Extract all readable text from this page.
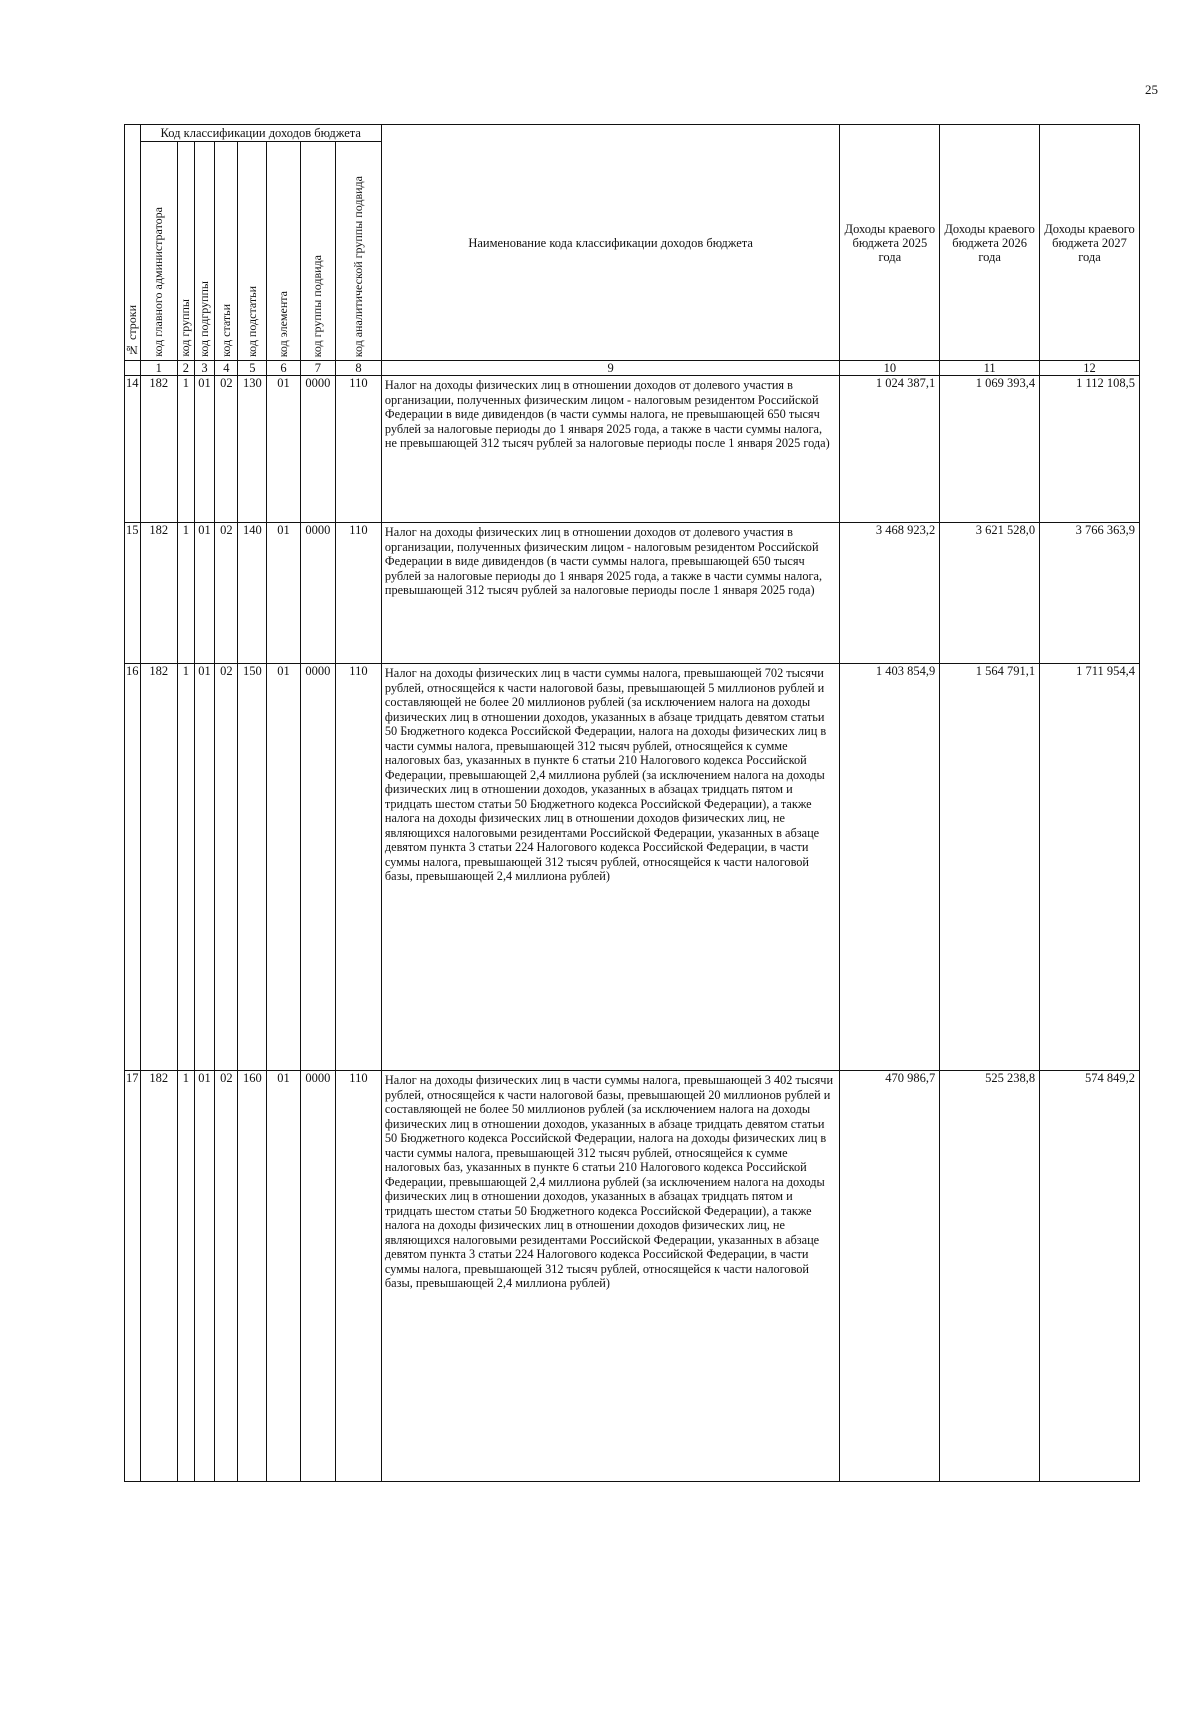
25
№ строки	Код классификации доходов бюджета								Наименование кода классификации доходов бюджета	Доходы краевого бюджета 2025 года	Доходы краевого бюджета 2026 года	Доходы краевого бюджета 2027 года
	код главного администратора	код группы	код подгруппы	код статьи	код подстатьи	код элемента	код группы подвида	код аналитической группы подвида				
	1	2	3	4	5	6	7	8	9	10	11	12
14	182	1	01	02	130	01	0000	110	Налог на доходы физических лиц в отношении доходов от долевого участия в организации, полученных физическим лицом - налоговым резидентом Российской Федерации в виде дивидендов (в части суммы налога, не превышающей 650 тысяч рублей за налоговые периоды до 1 января 2025 года, а также в части суммы налога, не превышающей 312 тысяч рублей за налоговые периоды после 1 января 2025 года)	1 024 387,1	1 069 393,4	1 112 108,5
15	182	1	01	02	140	01	0000	110	Налог на доходы физических лиц в отношении доходов от долевого участия в организации, полученных физическим лицом - налоговым резидентом Российской Федерации в виде дивидендов (в части суммы налога, превышающей 650 тысяч рублей за налоговые периоды до 1 января 2025 года, а также в части суммы налога, превышающей 312 тысяч рублей за налоговые периоды после 1 января 2025 года)	3 468 923,2	3 621 528,0	3 766 363,9
16	182	1	01	02	150	01	0000	110	Налог на доходы физических лиц в части суммы налога, превышающей 702 тысячи рублей, относящейся к части налоговой базы, превышающей 5 миллионов рублей и составляющей не более 20 миллионов рублей (за исключением налога на доходы физических лиц в отношении доходов, указанных в абзаце тридцать девятом статьи 50 Бюджетного кодекса Российской Федерации, налога на доходы физических лиц в части суммы налога, превышающей 312 тысяч рублей, относящейся к сумме налоговых баз, указанных в пункте 6 статьи 210 Налогового кодекса Российской Федерации, превышающей 2,4 миллиона рублей (за исключением налога на доходы физических лиц в отношении доходов, указанных в абзацах тридцать пятом и тридцать шестом статьи 50 Бюджетного кодекса Российской Федерации), а также налога на доходы физических лиц в отношении доходов физических лиц, не являющихся налоговыми резидентами Российской Федерации, указанных в абзаце девятом пункта 3 статьи 224 Налогового кодекса Российской Федерации, в части суммы налога, превышающей 312 тысяч рублей, относящейся к части налоговой базы, превышающей 2,4 миллиона рублей)	1 403 854,9	1 564 791,1	1 711 954,4
17	182	1	01	02	160	01	0000	110	Налог на доходы физических лиц в части суммы налога, превышающей 3 402 тысячи рублей, относящейся к части налоговой базы, превышающей 20 миллионов рублей и составляющей не более 50 миллионов рублей (за исключением налога на доходы физических лиц в отношении доходов, указанных в абзаце тридцать девятом статьи 50 Бюджетного кодекса Российской Федерации, налога на доходы физических лиц в части суммы налога, превышающей 312 тысяч рублей, относящейся к сумме налоговых баз, указанных в пункте 6 статьи 210 Налогового кодекса Российской Федерации, превышающей 2,4 миллиона рублей (за исключением налога на доходы физических лиц в отношении доходов, указанных в абзацах тридцать пятом и тридцать шестом статьи 50 Бюджетного кодекса Российской Федерации), а также налога на доходы физических лиц в отношении доходов физических лиц, не являющихся налоговыми резидентами Российской Федерации, указанных в абзаце девятом пункта 3 статьи 224 Налогового кодекса Российской Федерации, в части суммы налога, превышающей 312 тысяч рублей, относящейся к части налоговой базы, превышающей 2,4 миллиона рублей)	470 986,7	525 238,8	574 849,2
